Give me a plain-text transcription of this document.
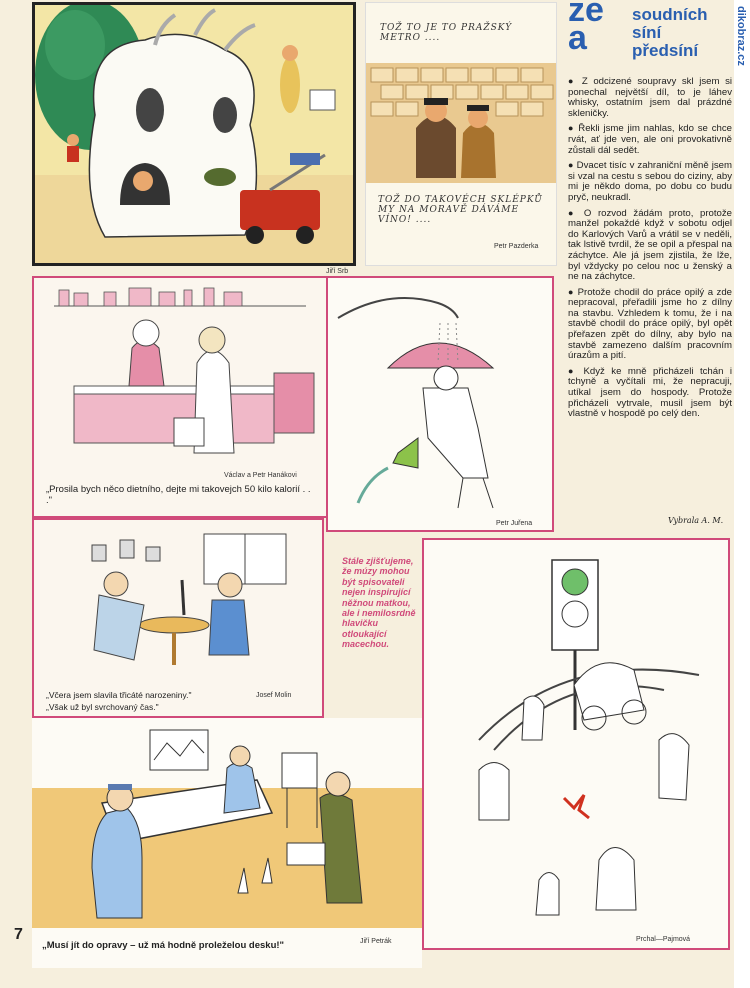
dikobraz.cz
Jiří Srb
TOŽ TO JE TO PRAŽSKÝ METRO ....
TOŽ DO TAKOVÉCH SKLÉPKŮ MY NA MORAVĚ DÁVÁME VÍNO! ....
Petr Pazderka
ze a
soudních
síní
předsíní

● Z odcizené soupravy skl jsem si ponechal největší díl, to je láhev whisky, ostatním jsem dal prázdné skleničky.

● Řekli jsme jim nahlas, kdo se chce rvát, ať jde ven, ale oni provokativně zůstali dál sedět.

● Dvacet tisíc v zahraniční měně jsem si vzal na cestu s sebou do ciziny, aby mi je někdo doma, po dobu co budu pryč, neukradl.

● O rozvod žádám proto, protože manžel pokaždé když v sobotu odjel do Karlových Varů a vrátil se v neděli, tak lstivě tvrdil, že se opil a přespal na záchytce. Ale já jsem zjistila, že lže, byl vždycky po celou noc u ženský a ne na záchytce.

● Protože chodil do práce opilý a zde nepracoval, přeřadili jsme ho z dílny na stavbu. Vzhledem k tomu, že i na stavbě chodil do práce opilý, byl opět přeřazen zpět do dílny, aby bylo na stavbě zamezeno dalším pracovním úrazům a pití.

● Když ke mně přicházeli tchán i tchyně a vyčítali mi, že nepracuji, utíkal jsem do hospody. Protože přicházeli vytrvale, musil jsem být vlastně v hospodě po celý den.

Vybrala A. M.
Václav a Petr Hanákovi
„Prosila bych něco dietního, dejte mi takovejch 50 kilo kalorií . . ."
Petr Juřena
Josef Molin
„Včera jsem slavila třicáté narozeniny."
„Však už byl svrchovaný čas."
Stále zjišťujeme, že múzy mohou být spisovateli nejen inspirující něžnou matkou, ale i nemilosrdně hlavičku otloukající macechou.
Prchal—Pajmová
„Musí jít do opravy – už má hodně proleželou desku!"	Jiří Petrák
7
